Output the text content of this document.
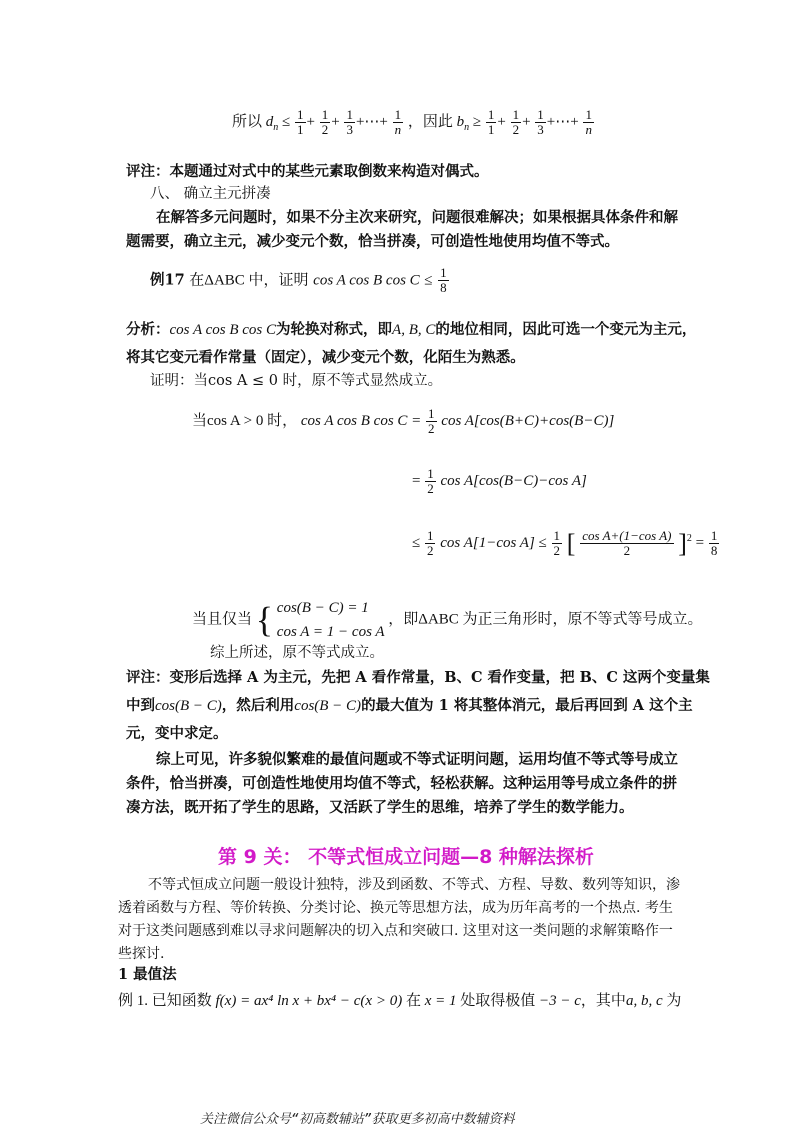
所以 $d_n \le \frac{1}{1} + \frac{1}{2} + \frac{1}{3}$ +⋯+ $\frac{1}{n}$ ，因此 $b_n \ge \frac{1}{1} + \frac{1}{2} + \frac{1}{3}$ +⋯+ $\frac{1}{n}$
评注：本题通过对式中的某些元素取倒数来构造对偶式。
八、 确立主元拼凑
在解答多元问题时，如果不分主次来研究，问题很难解决；如果根据具体条件和解题需要，确立主元，减少变元个数，恰当拼凑，可创造性地使用均值不等式。
例17 在ΔABC 中，证明 cos A cos B $\cos C \le \frac{1}{8}$
分析：cos A cos B cos C为轮换对称式，即A, B, C的地位相同，因此可选一个变元为主元，
将其它变元看作常量（固定），减少变元个数，化陌生为熟悉。
证明：当cos A ≤ 0 时，原不等式显然成立。
当cos A > 0 时， cos A cos B $\cos C = \frac{1}{2}$ cos A[cos(B+C)+cos(B−C)]
= $\frac{1}{2}$ cos A[cos(B−C)−cos A]
≤ $\frac{1}{2}$ cos A[1−cos $A] \le \frac{1}{2}$ [ $\frac{\text{cos A+(1−cos A)}}{2} ]^2 = \frac{1}{8}$
当且仅当 { cos(B − C) = 1
cos A = 1 − cos A
，即ΔABC 为正三角形时，原不等式等号成立。
综上所述，原不等式成立。
评注：变形后选择 A 为主元，先把 A 看作常量，B、C 看作变量，把 B、C 这两个变量集
中到cos(B − C)，然后利用cos(B − C)的最大值为 1 将其整体消元，最后再回到 A 这个主
元，变中求定。
综上可见，许多貌似繁难的最值问题或不等式证明问题，运用均值不等式等号成立条件，恰当拼凑，可创造性地使用均值不等式，轻松获解。这种运用等号成立条件的拼凑方法，既开拓了学生的思路，又活跃了学生的思维，培养了学生的数学能力。
第 9 关： 不等式恒成立问题—8 种解法探析
不等式恒成立问题一般设计独特，涉及到函数、不等式、方程、导数、数列等知识，渗透着函数与方程、等价转换、分类讨论、换元等思想方法，成为历年高考的一个热点. 考生对于这类问题感到难以寻求问题解决的切入点和突破口. 这里对这一类问题的求解策略作一些探讨.
1 最值法
例 1. 已知函数 f(x) = ax⁴ ln x + bx⁴ − c(x > 0) 在 x = 1 处取得极值 −3 − c，其中a, b, c 为
关注微信公众号“初高数辅站”获取更多初高中数辅资料
